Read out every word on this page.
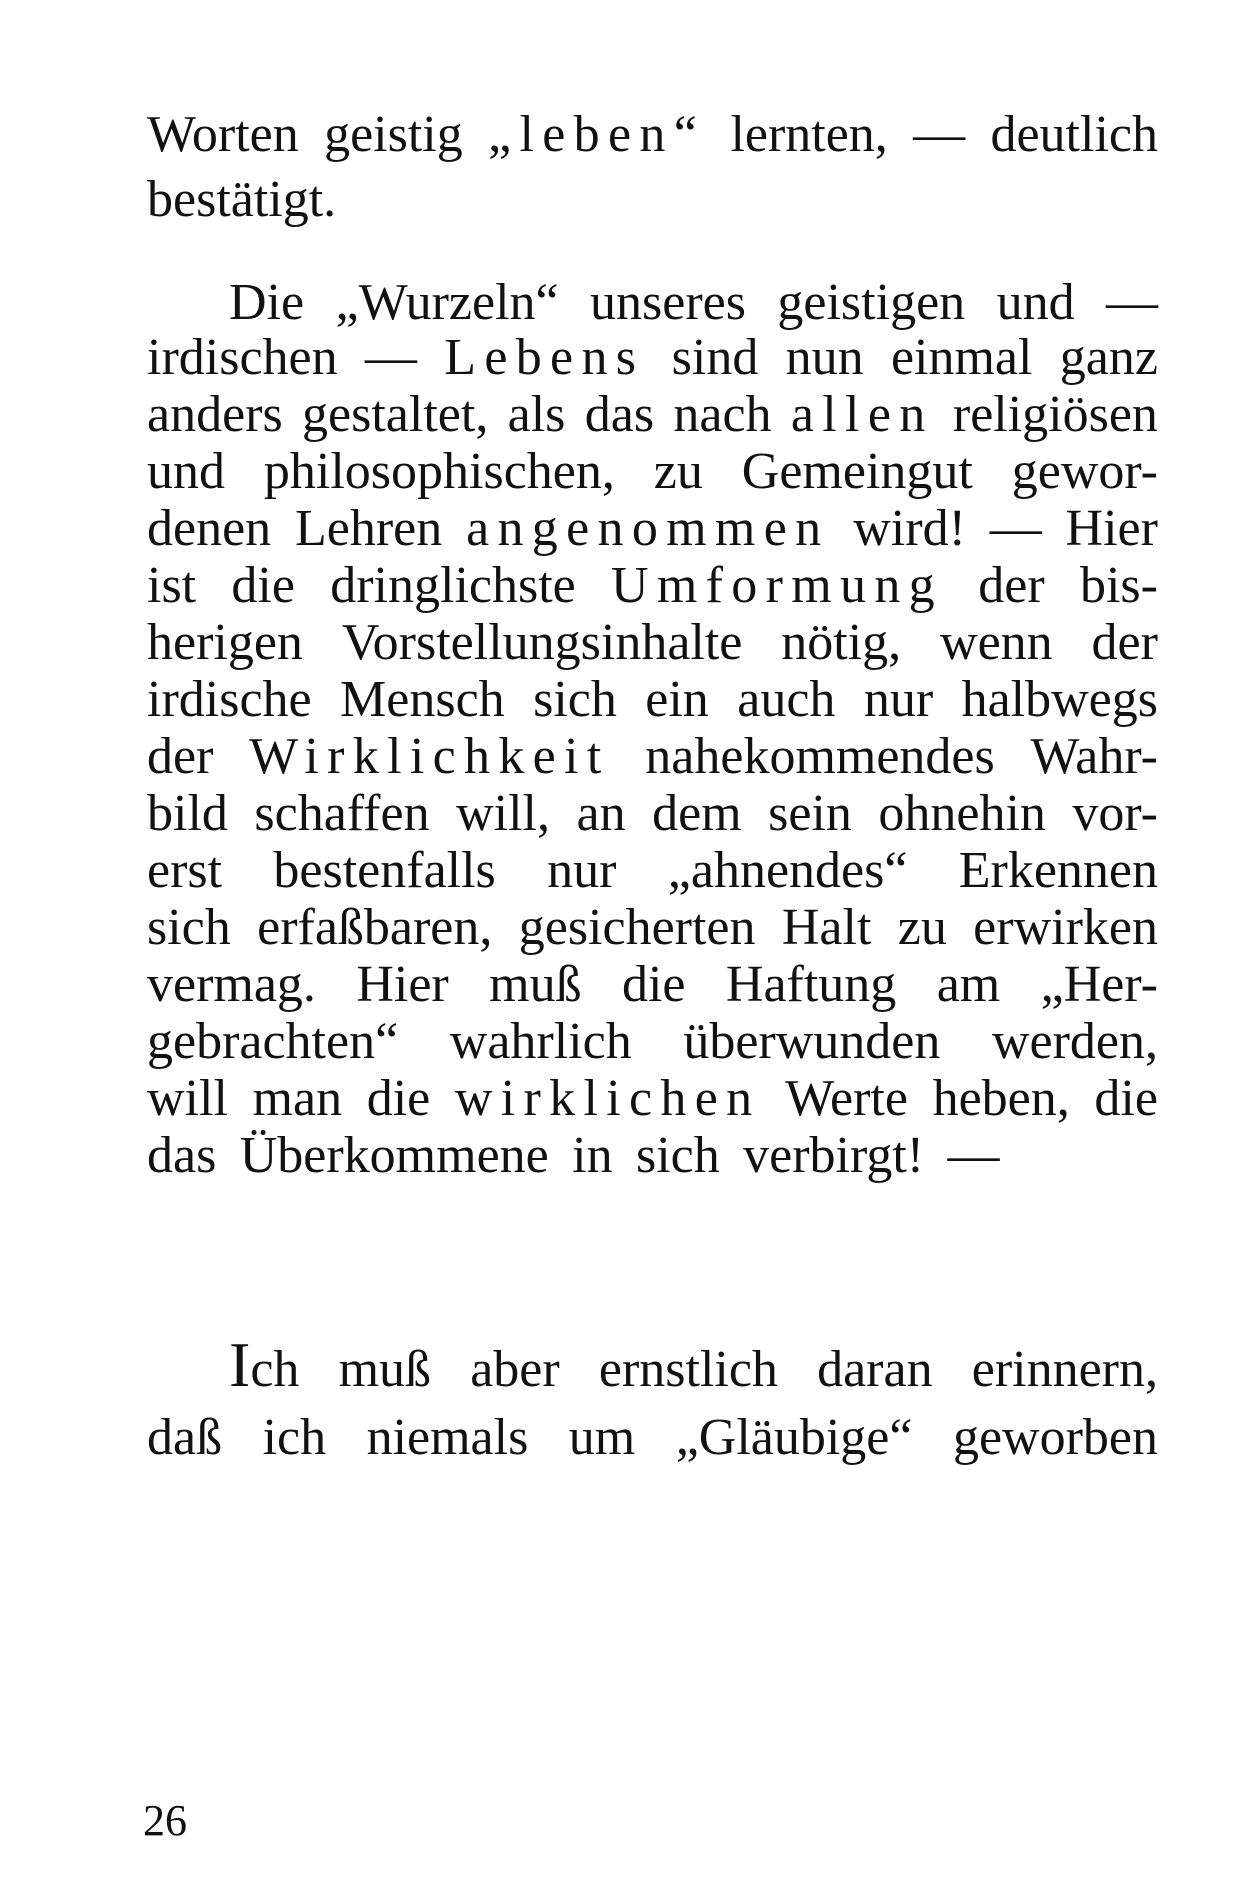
Worten geistig „leben“ lernten, — deutlich
bestätigt.
Die „Wurzeln“ unseres geistigen und —
irdischen — Lebens sind nun einmal ganz
anders gestaltet, als das nach allen religiösen
und philosophischen, zu Gemeingut gewor-
denen Lehren angenommen wird! — Hier
ist die dringlichste Umformung der bis-
herigen Vorstellungsinhalte nötig, wenn der
irdische Mensch sich ein auch nur halbwegs
der Wirklichkeit nahekommendes Wahr-
bild schaffen will, an dem sein ohnehin vor-
erst bestenfalls nur „ahnendes“ Erkennen
sich erfaßbaren, gesicherten Halt zu erwirken
vermag. Hier muß die Haftung am „Her-
gebrachten“ wahrlich überwunden werden,
will man die wirklichen Werte heben, die
das Überkommene in sich verbirgt! —
Ich muß aber ernstlich daran erinnern,
daß ich niemals um „Gläubige“ geworben
26
